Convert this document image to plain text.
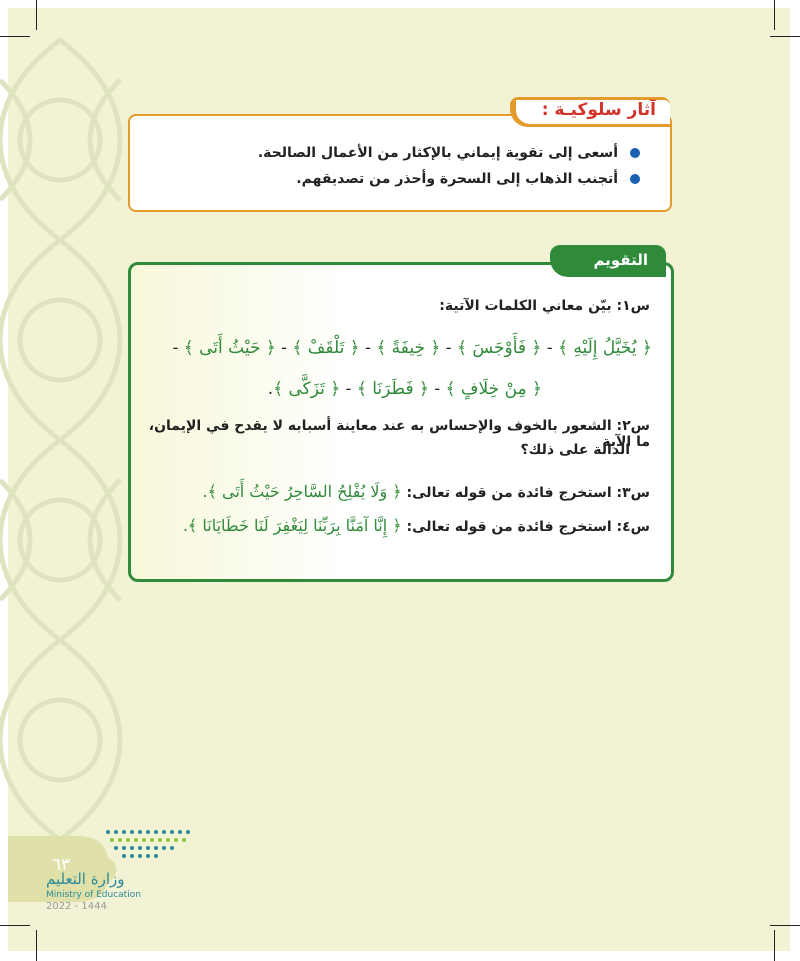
آثار سلوكيـة :
أسعى إلى تقوية إيماني بالإكثار من الأعمال الصالحة.
أتجنب الذهاب إلى السحرة وأحذر من تصديقهم.
التقويم
س١: بيّن معاني الكلمات الآتية:
﴿ يُخَيَّلُ إِلَيْهِ ﴾ - ﴿ فَأَوْجَسَ ﴾ - ﴿ خِيفَةً ﴾ - ﴿ تَلْقَفْ ﴾ - ﴿ حَيْثُ أَتَى ﴾ -
﴿ مِنْ خِلَافٍ ﴾ - ﴿ فَطَرَنَا ﴾ - ﴿ تَزَكَّى ﴾.
س٢: الشعور بالخوف والإحساس به عند معاينة أسبابه لا يقدح في الإيمان، ما الآية
الدالة على ذلك؟
س٣: استخرج فائدة من قوله تعالى: ﴿ وَلَا يُفْلِحُ السَّاحِرُ حَيْثُ أَتَى ﴾.
س٤: استخرج فائدة من قوله تعالى: ﴿ إِنَّا آمَنَّا بِرَبِّنَا لِيَغْفِرَ لَنَا خَطَايَانَا ﴾.
٦٣
وزارة التعليم
Ministry of Education
2022 - 1444
